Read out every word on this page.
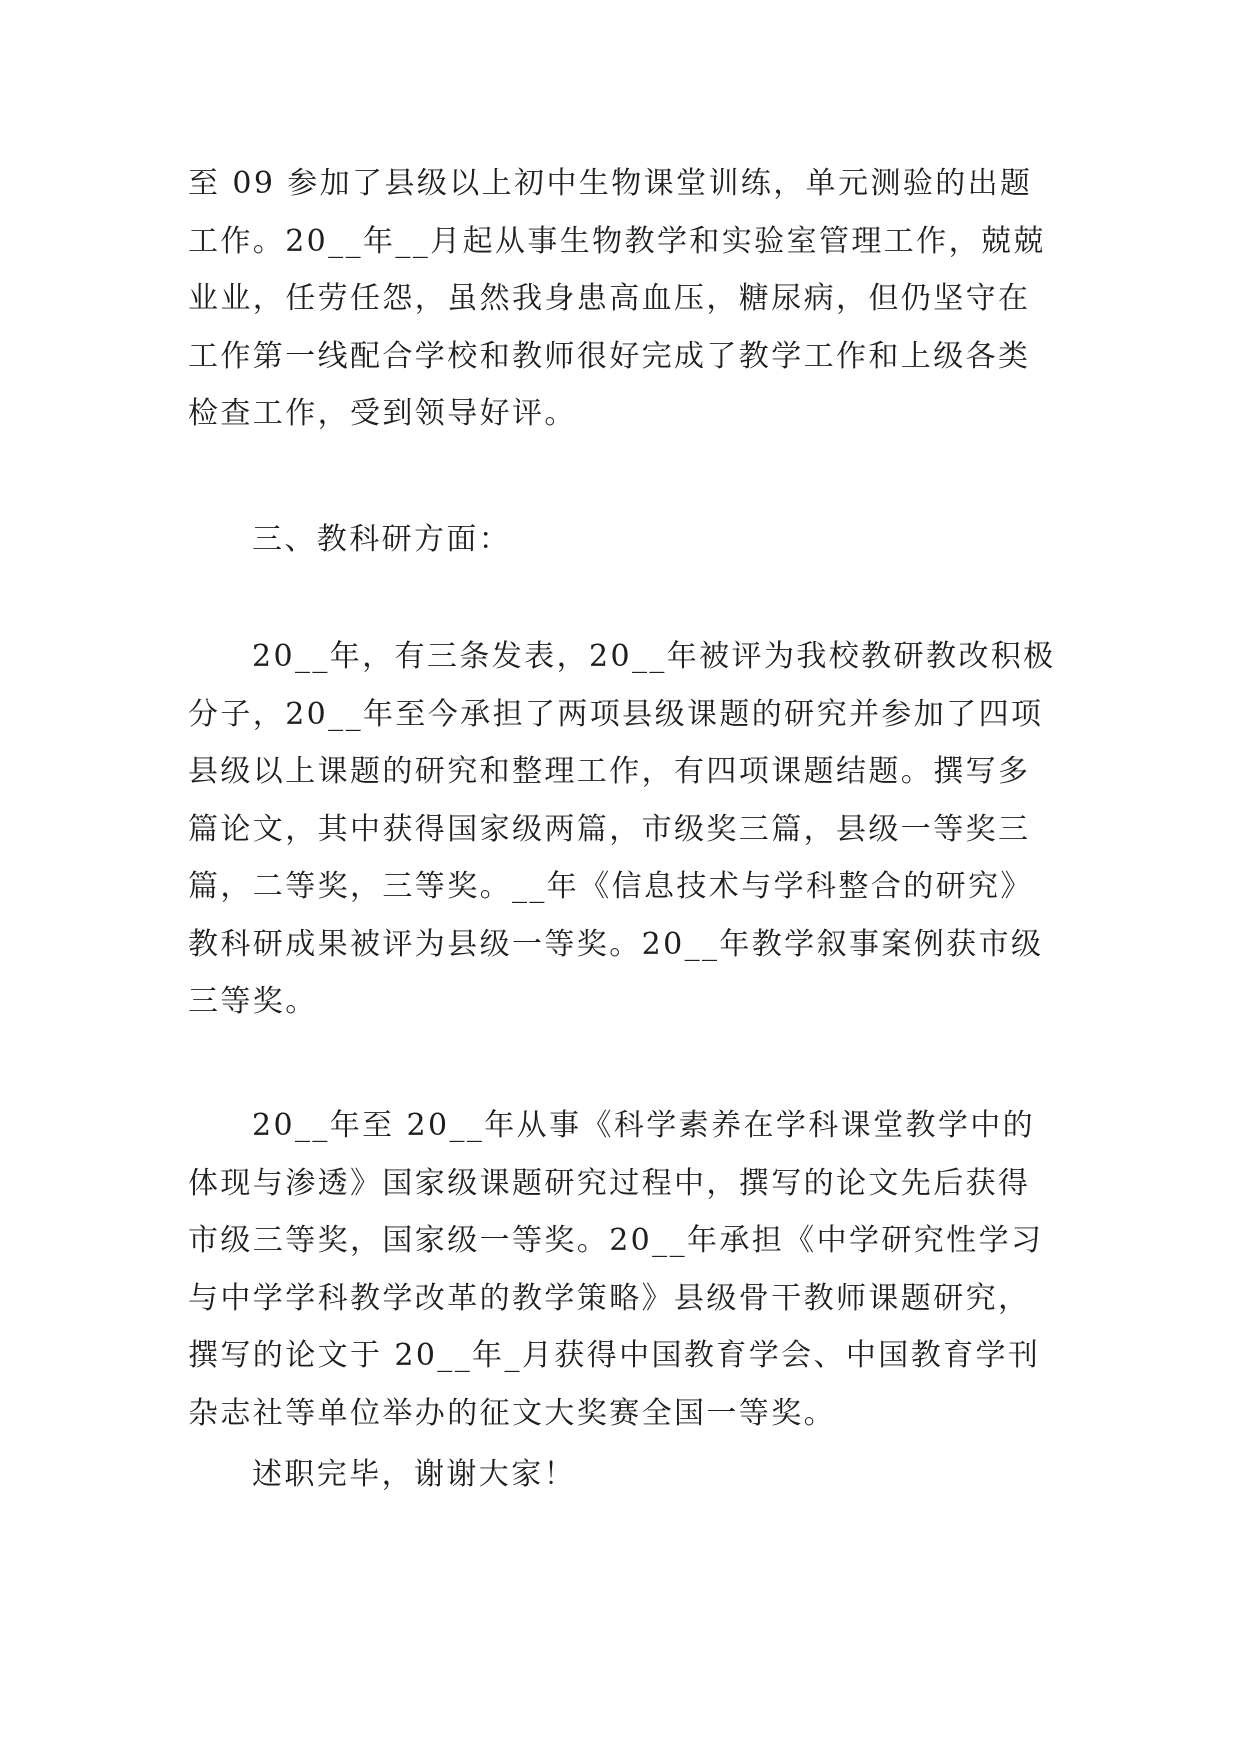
至 09 参加了县级以上初中生物课堂训练，单元测验的出题工作。20__年__月起从事生物教学和实验室管理工作，兢兢业业，任劳任怨，虽然我身患高血压，糖尿病，但仍坚守在工作第一线配合学校和教师很好完成了教学工作和上级各类检查工作，受到领导好评。

三、教科研方面：

20__年，有三条发表，20__年被评为我校教研教改积极分子，20__年至今承担了两项县级课题的研究并参加了四项县级以上课题的研究和整理工作，有四项课题结题。撰写多篇论文，其中获得国家级两篇，市级奖三篇，县级一等奖三篇，二等奖，三等奖。__年《信息技术与学科整合的研究》教科研成果被评为县级一等奖。20__年教学叙事案例获市级三等奖。

20__年至 20__年从事《科学素养在学科课堂教学中的体现与渗透》国家级课题研究过程中，撰写的论文先后获得市级三等奖，国家级一等奖。20__年承担《中学研究性学习与中学学科教学改革的教学策略》县级骨干教师课题研究，撰写的论文于 20__年_月获得中国教育学会、中国教育学刊杂志社等单位举办的征文大奖赛全国一等奖。

述职完毕，谢谢大家！
